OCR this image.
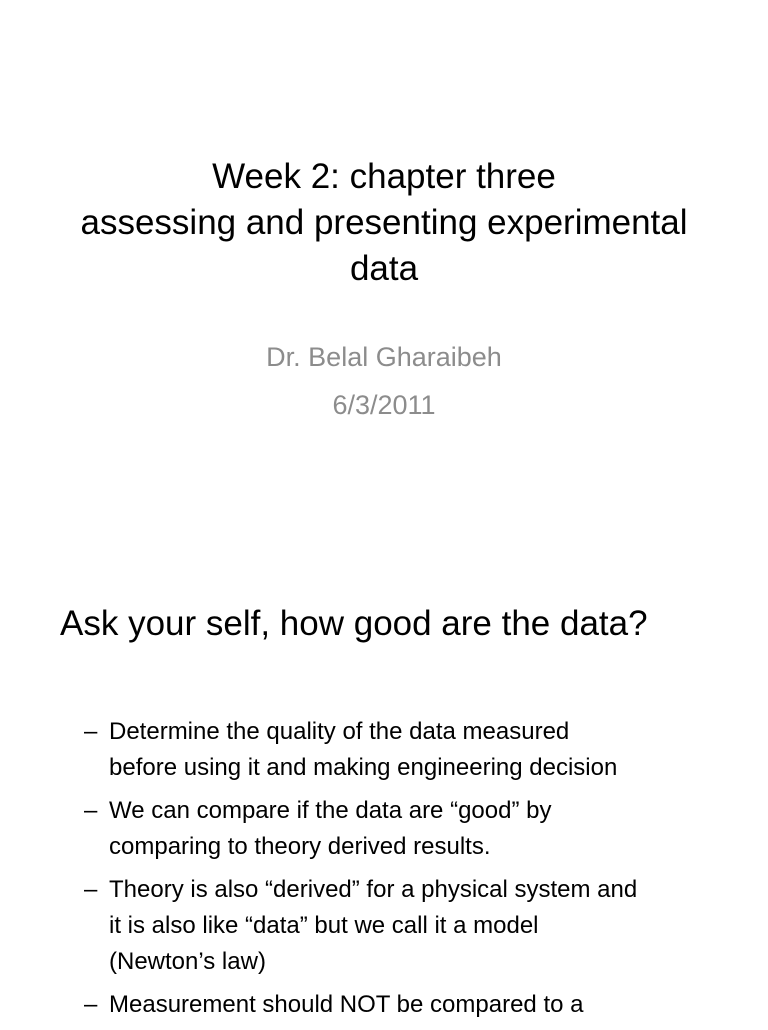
Week 2: chapter three
assessing and presenting experimental
data
Dr. Belal Gharaibeh
6/3/2011
Ask your self, how good are the data?
– Determine the quality of the data measured
before using it and making engineering decision
– We can compare if the data are “good” by
comparing to theory derived results.
– Theory is also “derived” for a physical system and
it is also like “data” but we call it a model
(Newton’s law)
– Measurement should NOT be compared to a
